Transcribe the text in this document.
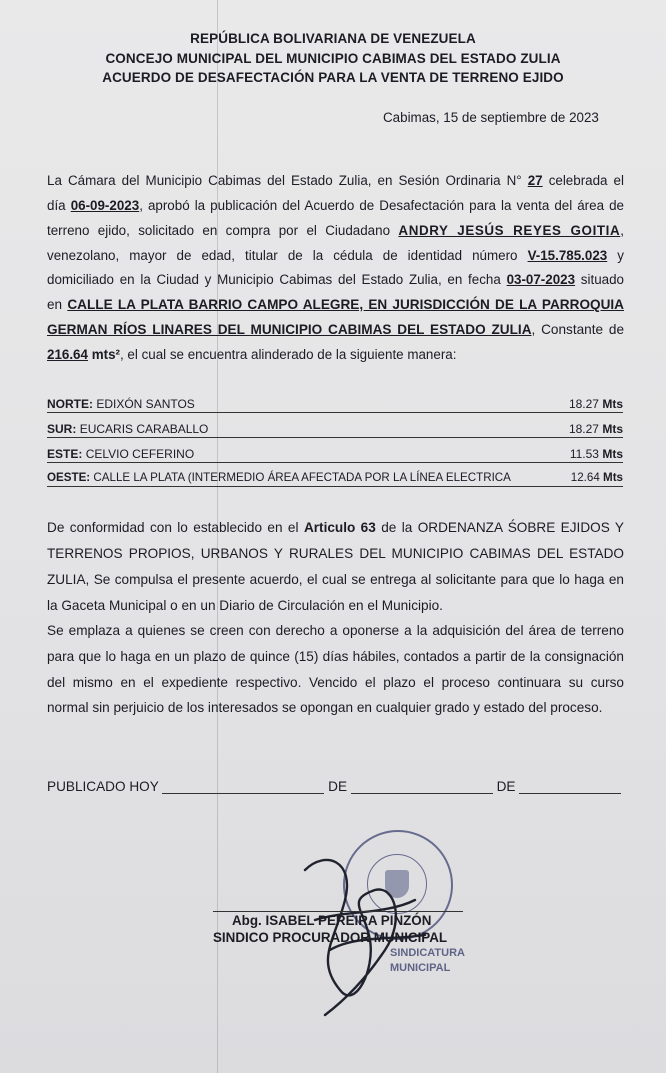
REPÚBLICA BOLIVARIANA DE VENEZUELA
CONCEJO MUNICIPAL DEL MUNICIPIO CABIMAS DEL ESTADO ZULIA
ACUERDO DE DESAFECTACIÓN PARA LA VENTA DE TERRENO EJIDO
Cabimas, 15 de septiembre de 2023
La Cámara del Municipio Cabimas del Estado Zulia, en Sesión Ordinaria N° 27 celebrada el
día 06-09-2023, aprobó la publicación del Acuerdo de Desafectación para la venta del área de
terreno ejido, solicitado en compra por el Ciudadano ANDRY JESÚS REYES GOITIA,
venezolano, mayor de edad, titular de la cédula de identidad número V-15.785.023 y
domiciliado en la Ciudad y Municipio Cabimas del Estado Zulia, en fecha 03-07-2023 situado
en CALLE LA PLATA BARRIO CAMPO ALEGRE, EN JURISDICCIÓN DE LA PARROQUIA
GERMAN RÍOS LINARES DEL MUNICIPIO CABIMAS DEL ESTADO ZULIA, Constante de
216.64 mts², el cual se encuentra alinderado de la siguiente manera:
NORTE: EDIXÓN SANTOS	18.27 Mts
SUR: EUCARIS CARABALLO	18.27 Mts
ESTE: CELVIO CEFERINO	11.53 Mts
OESTE: CALLE LA PLATA (INTERMEDIO ÁREA AFECTADA POR LA LÍNEA ELECTRICA	12.64 Mts
De conformidad con lo establecido en el Articulo 63 de la ORDENANZA ŚOBRE EJIDOS Y
TERRENOS PROPIOS, URBANOS Y RURALES DEL MUNICIPIO CABIMAS DEL ESTADO
ZULIA, Se compulsa el presente acuerdo, el cual se entrega al solicitante para que lo haga en
la Gaceta Municipal o en un Diario de Circulación en el Municipio.
Se emplaza a quienes se creen con derecho a oponerse a la adquisición del área de terreno
para que lo haga en un plazo de quince (15) días hábiles, contados a partir de la consignación
del mismo en el expediente respectivo. Vencido el plazo el proceso continuara su curso
normal sin perjuicio de los interesados se opongan en cualquier grado y estado del proceso.
PUBLICADO HOY	DE	DE
SINDICATURA MUNICIPAL
Abg. ISABEL PEREIRA PINZÓN
SINDICO PROCURADOR MUNICIPAL
